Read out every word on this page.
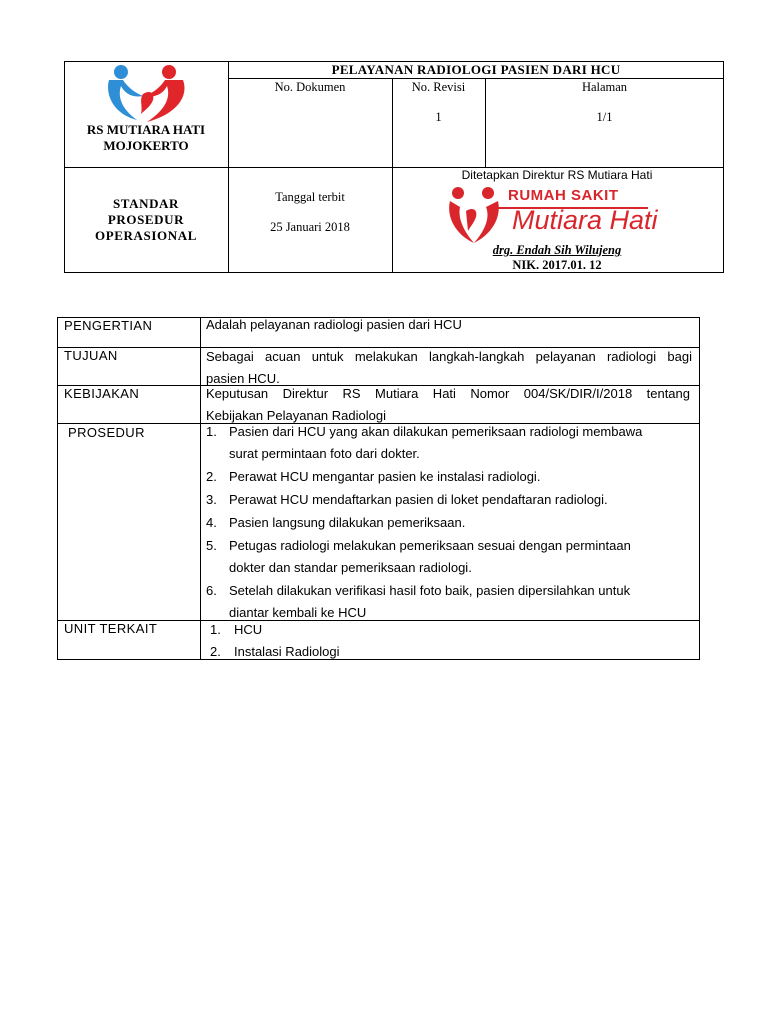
RS MUTIARA HATI
MOJOKERTO
PELAYANAN RADIOLOGI PASIEN DARI HCU
No. Dokumen	No. Revisi
1
Halaman
1/1
STANDAR
PROSEDUR
OPERASIONAL
Tanggal terbit
25 Januari 2018
Ditetapkan Direktur RS Mutiara Hati
RUMAH SAKIT
Mutiara Hati
drg. Endah Sih Wilujeng
NIK. 2017.01. 12
PENGERTIAN
TUJUAN
KEBIJAKAN
PROSEDUR
UNIT TERKAIT
Adalah pelayanan radiologi pasien dari HCU
Sebagai acuan untuk melakukan langkah-langkah pelayanan radiologi bagi
pasien HCU.
Keputusan Direktur RS Mutiara Hati Nomor 004/SK/DIR/I/2018 tentang
Kebijakan Pelayanan Radiologi
1. Pasien dari HCU yang akan dilakukan pemeriksaan radiologi membawa
surat permintaan foto dari dokter.
2. Perawat HCU mengantar pasien ke instalasi radiologi.
3. Perawat HCU mendaftarkan pasien di loket pendaftaran radiologi.
4. Pasien langsung dilakukan pemeriksaan.
5. Petugas radiologi melakukan pemeriksaan sesuai dengan permintaan
dokter dan standar pemeriksaan radiologi.
6. Setelah dilakukan verifikasi hasil foto baik, pasien dipersilahkan untuk
diantar kembali ke HCU
1. HCU
2. Instalasi Radiologi
